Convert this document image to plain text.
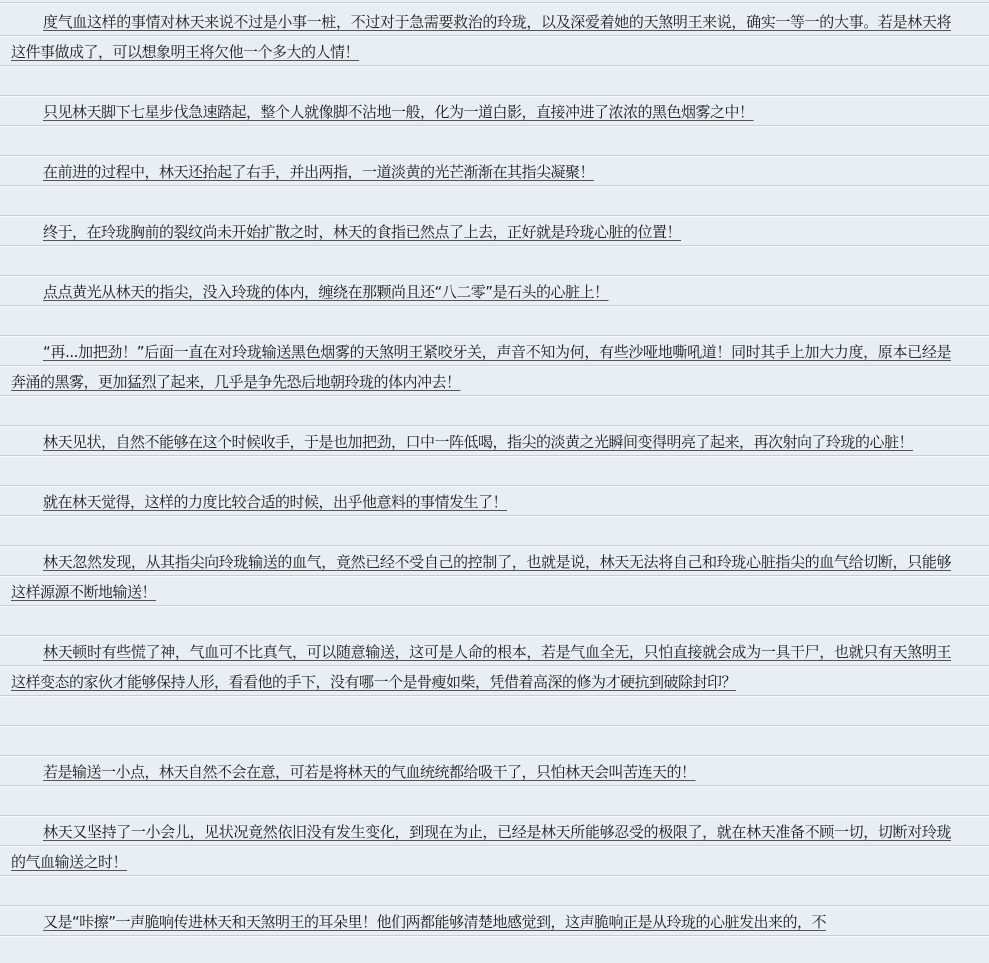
度气血这样的事情对林天来说不过是小事一桩，不过对于急需要救治的玲珑，以及深爱着她的天煞明王来说，确实一等一的大事。若是林天将这件事做成了，可以想象明王将欠他一个多大的人情！

只见林天脚下七星步伐急速踏起，整个人就像脚不沾地一般，化为一道白影，直接冲进了浓浓的黑色烟雾之中！

在前进的过程中，林天还抬起了右手，并出两指，一道淡黄的光芒渐渐在其指尖凝聚！

终于，在玲珑胸前的裂纹尚未开始扩散之时，林天的食指已然点了上去，正好就是玲珑心脏的位置！

点点黄光从林天的指尖，没入玲珑的体内，缠绕在那颗尚且还“八二零”是石头的心脏上！

“再...加把劲！”后面一直在对玲珑输送黑色烟雾的天煞明王紧咬牙关，声音不知为何，有些沙哑地嘶吼道！同时其手上加大力度，原本已经是奔涌的黑雾，更加猛烈了起来，几乎是争先恐后地朝玲珑的体内冲去！

林天见状，自然不能够在这个时候收手，于是也加把劲，口中一阵低喝，指尖的淡黄之光瞬间变得明亮了起来，再次射向了玲珑的心脏！

就在林天觉得，这样的力度比较合适的时候，出乎他意料的事情发生了！

林天忽然发现，从其指尖向玲珑输送的血气，竟然已经不受自己的控制了，也就是说，林天无法将自己和玲珑心脏指尖的血气给切断，只能够这样源源不断地输送！

林天顿时有些慌了神，气血可不比真气，可以随意输送，这可是人命的根本，若是气血全无，只怕直接就会成为一具干尸，也就只有天煞明王这样变态的家伙才能够保持人形，看看他的手下，没有哪一个是骨瘦如柴，凭借着高深的修为才硬抗到破除封印？

若是输送一小点，林天自然不会在意，可若是将林天的气血统统都给吸干了，只怕林天会叫苦连天的！

林天又坚持了一小会儿，见状况竟然依旧没有发生变化，到现在为止，已经是林天所能够忍受的极限了，就在林天准备不顾一切，切断对玲珑的气血输送之时！

又是“咔擦”一声脆响传进林天和天煞明王的耳朵里！他们两都能够清楚地感觉到，这声脆响正是从玲珑的心脏发出来的，不
